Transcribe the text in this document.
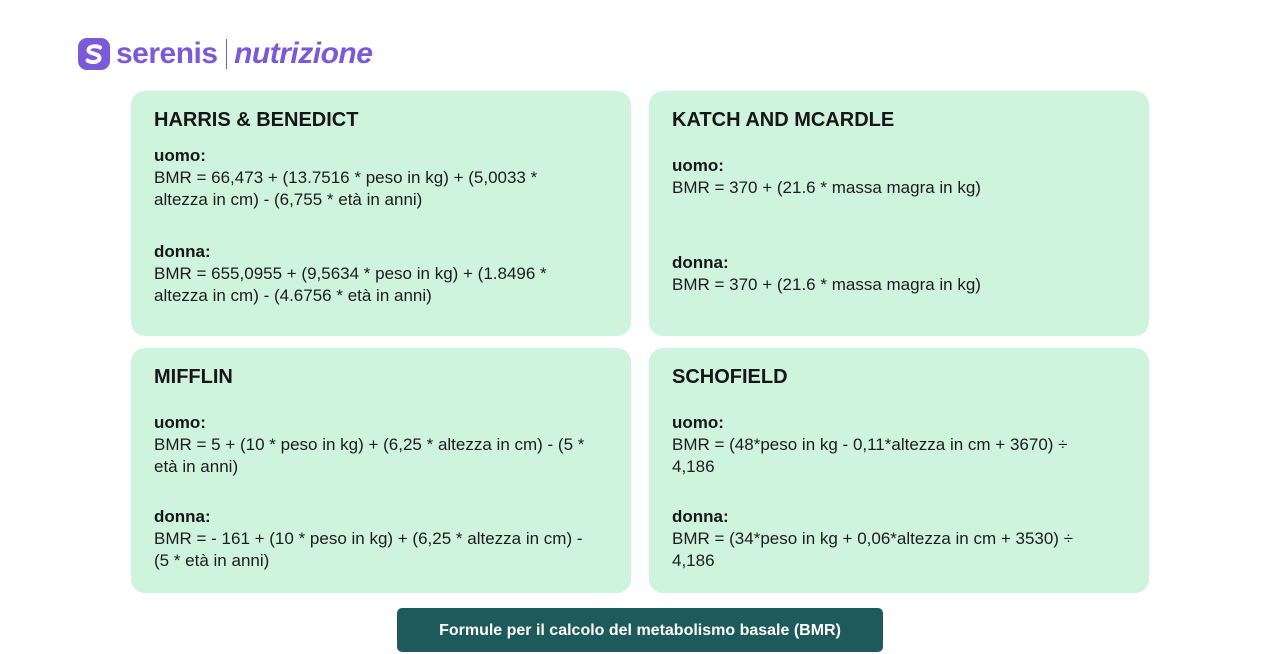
serenis nutrizione
HARRIS & BENEDICT
uomo:
BMR = 66,473 + (13.7516 * peso in kg) + (5,0033 * altezza in cm) - (6,755 * età in anni)
donna:
BMR = 655,0955 + (9,5634 * peso in kg) + (1.8496 * altezza in cm) - (4.6756 * età in anni)
KATCH AND MCARDLE
uomo:
BMR = 370 + (21.6 * massa magra in kg)
donna:
BMR = 370 + (21.6 * massa magra in kg)
MIFFLIN
uomo:
BMR = 5 + (10 * peso in kg) + (6,25 * altezza in cm) - (5 * età in anni)
donna:
BMR = - 161 + (10 * peso in kg) + (6,25 * altezza in cm) - (5 * età in anni)
SCHOFIELD
uomo:
BMR = (48*peso in kg - 0,11*altezza in cm + 3670) ÷ 4,186
donna:
BMR = (34*peso in kg + 0,06*altezza in cm + 3530) ÷ 4,186
Formule per il calcolo del metabolismo basale (BMR)
